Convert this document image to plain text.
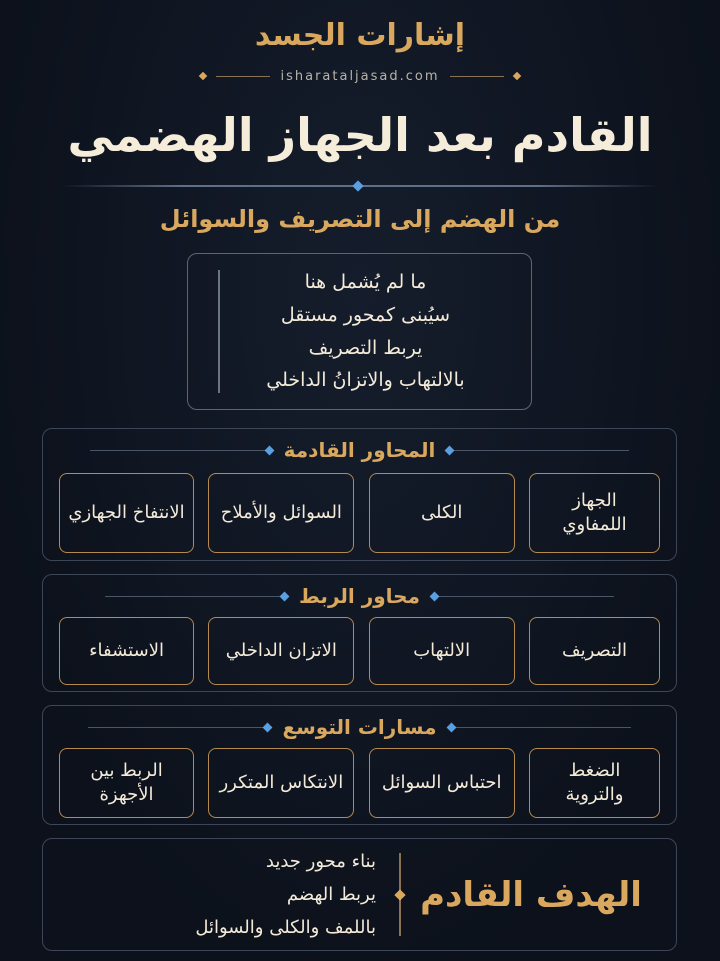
إشارات الجسد
isharataljasad.com
القادم بعد الجهاز الهضمي
من الهضم إلى التصريف والسوائل
ما لم يُشمل هنا
سيُبنى كمحور مستقل
يربط التصريف
بالالتهاب والاتزانُ الداخلي
المحاور القادمة
الجهاز اللمفاوي
الكلى
السوائل والأملاح
الانتفاخ الجهازي
محاور الربط
التصريف
الالتهاب
الاتزان الداخلي
الاستشفاء
مسارات التوسع
الضغط والتروية
احتباس السوائل
الانتكاس المتكرر
الربط بين الأجهزة
الهدف القادم
بناء محور جديد
يربط الهضم
باللمف والكلى والسوائل
